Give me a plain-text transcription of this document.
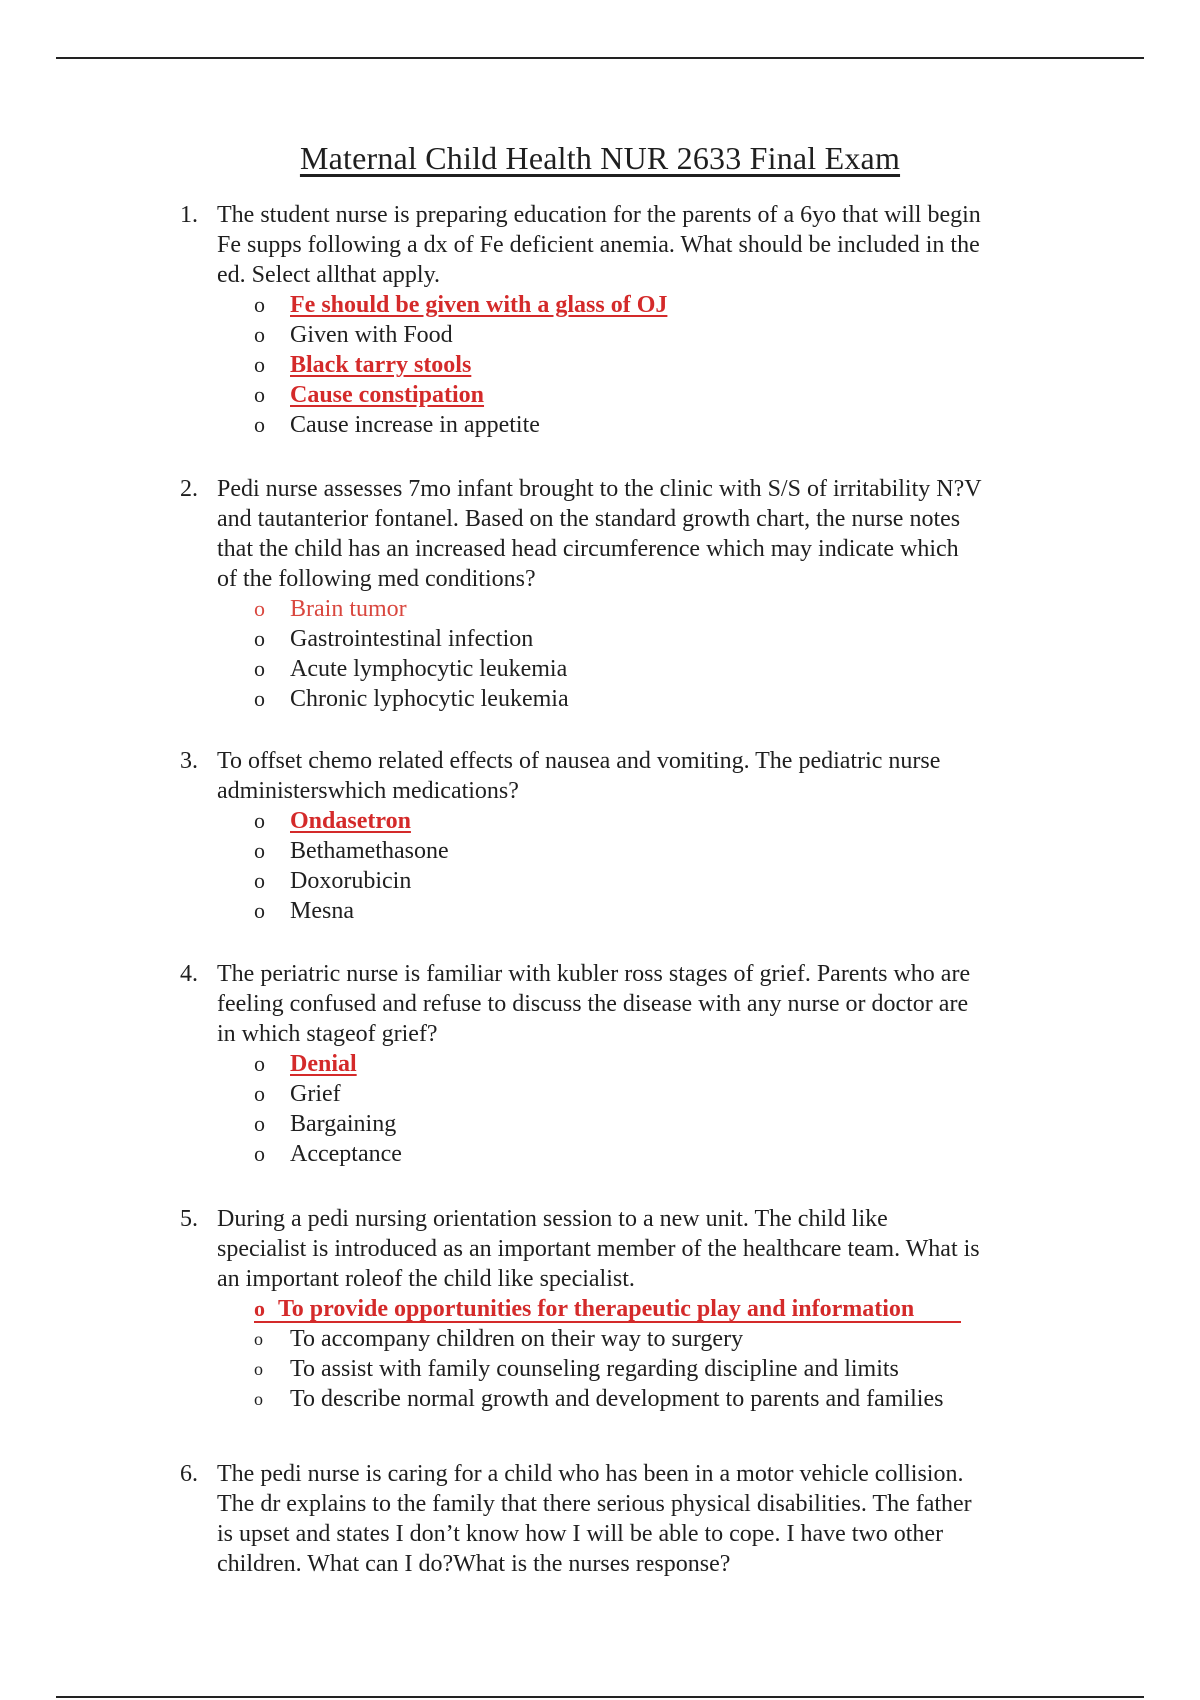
Maternal Child Health NUR 2633 Final Exam
1. The student nurse is preparing education for the parents of a 6yo that will begin
Fe supps following a dx of Fe deficient anemia. What should be included in the
ed. Select allthat apply.
o Fe should be given with a glass of OJ
o Given with Food
o Black tarry stools
o Cause constipation
o Cause increase in appetite
2. Pedi nurse assesses 7mo infant brought to the clinic with S/S of irritability N?V
and tautanterior fontanel. Based on the standard growth chart, the nurse notes
that the child has an increased head circumference which may indicate which
of the following med conditions?
o Brain tumor
o Gastrointestinal infection
o Acute lymphocytic leukemia
o Chronic lyphocytic leukemia
3. To offset chemo related effects of nausea and vomiting. The pediatric nurse
administerswhich medications?
o Ondasetron
o Bethamethasone
o Doxorubicin
o Mesna
4. The periatric nurse is familiar with kubler ross stages of grief. Parents who are
feeling confused and refuse to discuss the disease with any nurse or doctor are
in which stageof grief?
o Denial
o Grief
o Bargaining
o Acceptance
5. During a pedi nursing orientation session to a new unit. The child like
specialist is introduced as an important member of the healthcare team. What is
an important roleof the child like specialist.
o To provide opportunities for therapeutic play and information
o To accompany children on their way to surgery
o To assist with family counseling regarding discipline and limits
o To describe normal growth and development to parents and families
6. The pedi nurse is caring for a child who has been in a motor vehicle collision.
The dr explains to the family that there serious physical disabilities. The father
is upset and states I don’t know how I will be able to cope. I have two other
children. What can I do?What is the nurses response?
